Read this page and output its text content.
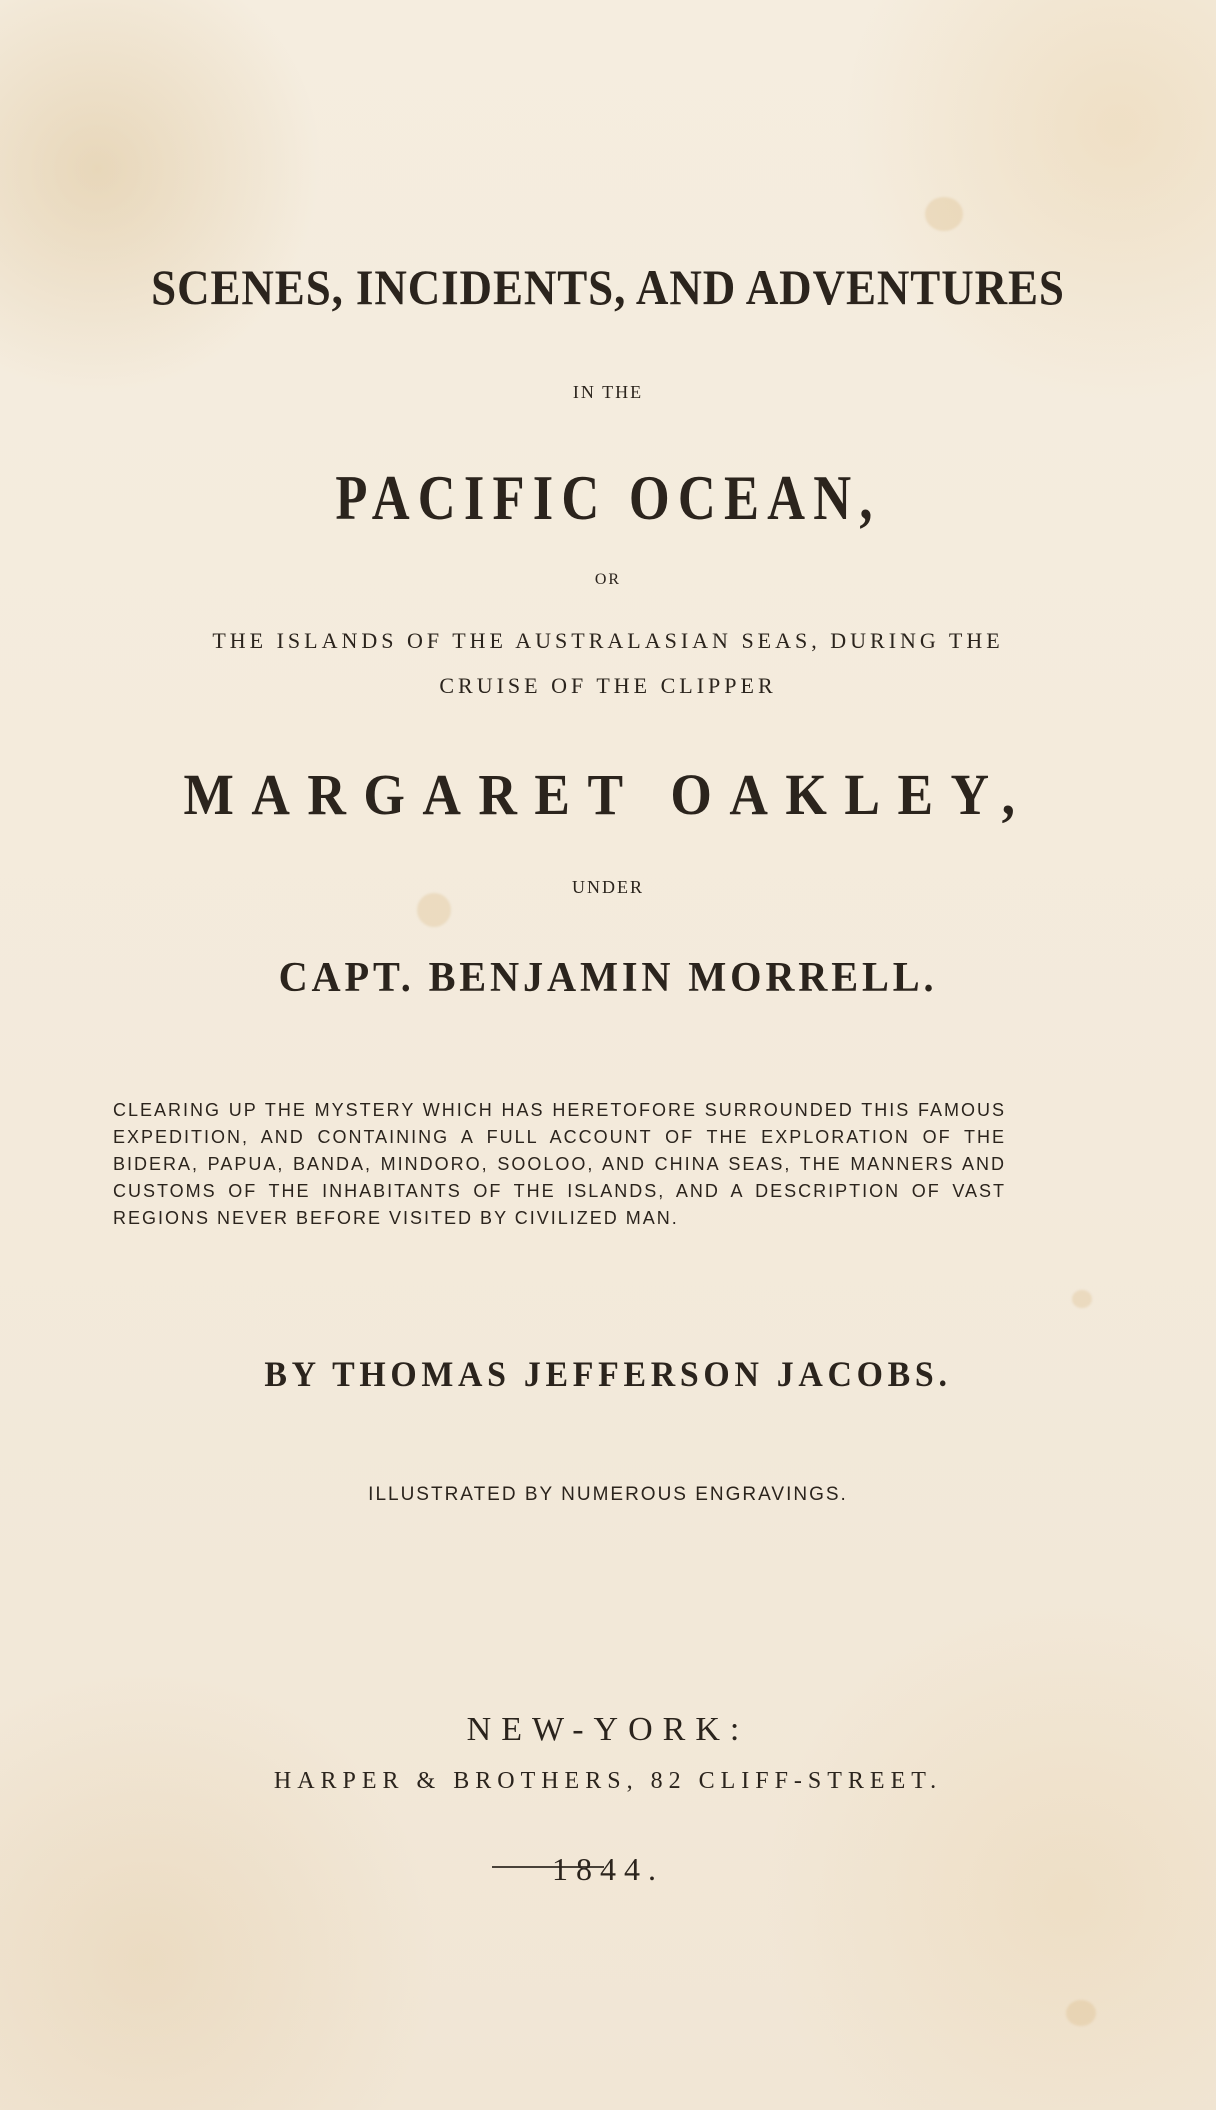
SCENES, INCIDENTS, AND ADVENTURES
IN THE
PACIFIC OCEAN,
OR
THE ISLANDS OF THE AUSTRALASIAN SEAS, DURING THE
CRUISE OF THE CLIPPER
MARGARET OAKLEY,
UNDER
CAPT. BENJAMIN MORRELL.
CLEARING UP THE MYSTERY WHICH HAS HERETOFORE SURROUNDED THIS FAMOUS EXPEDITION, AND CONTAINING A FULL ACCOUNT OF THE EXPLORATION OF THE BIDERA, PAPUA, BANDA, MINDORO, SOOLOO, AND CHINA SEAS, THE MANNERS AND CUSTOMS OF THE INHABITANTS OF THE ISLANDS, AND A DESCRIPTION OF VAST REGIONS NEVER BEFORE VISITED BY CIVILIZED MAN.
BY THOMAS JEFFERSON JACOBS.
ILLUSTRATED BY NUMEROUS ENGRAVINGS.
NEW-YORK:
HARPER & BROTHERS, 82 CLIFF-STREET.
1844.
